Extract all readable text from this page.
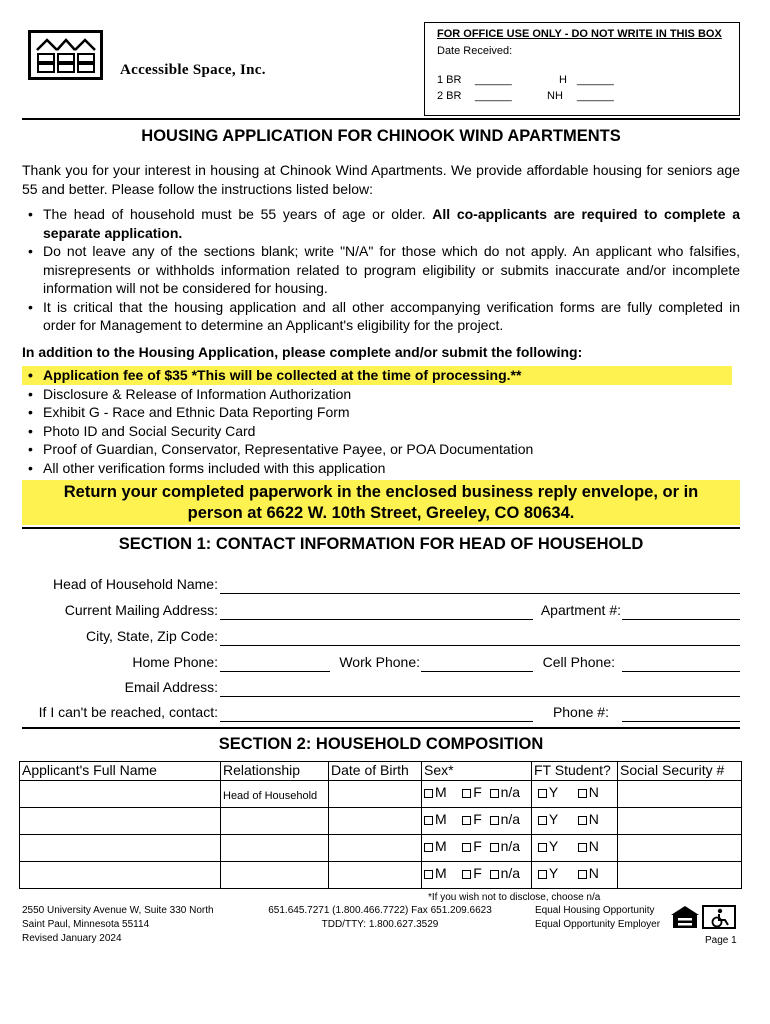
Accessible Space, Inc.
FOR OFFICE USE ONLY - DO NOT WRITE IN THIS BOX
Date Received:
1 BR	______	H ______
2 BR	______	NH	______
HOUSING APPLICATION FOR CHINOOK WIND APARTMENTS
Thank you for your interest in housing at Chinook Wind Apartments. We provide affordable housing for seniors age 55 and better. Please follow the instructions listed below:
• The head of household must be 55 years of age or older. All co-applicants are required to complete a separate application.
• Do not leave any of the sections blank; write "N/A" for those which do not apply. An applicant who falsifies, misrepresents or withholds information related to program eligibility or submits inaccurate and/or incomplete information will not be considered for housing.
• It is critical that the housing application and all other accompanying verification forms are fully completed in order for Management to determine an Applicant's eligibility for the project.
In addition to the Housing Application, please complete and/or submit the following:
• Application fee of $35 *This will be collected at the time of processing.**
• Disclosure & Release of Information Authorization
• Exhibit G - Race and Ethnic Data Reporting Form
• Photo ID and Social Security Card
• Proof of Guardian, Conservator, Representative Payee, or POA Documentation
• All other verification forms included with this application
Return your completed paperwork in the enclosed business reply envelope, or in
person at 6622 W. 10th Street, Greeley, CO 80634.
SECTION 1: CONTACT INFORMATION FOR HEAD OF HOUSEHOLD
Head of Household Name:
Current Mailing Address:	Apartment #:
City, State, Zip Code:
Home Phone:	Work Phone:	Cell Phone:
Email Address:
If I can't be reached, contact:	Phone #:
SECTION 2: HOUSEHOLD COMPOSITION
Applicant's Full Name	Relationship	Date of Birth	Sex*	FT Student?	Social Security #
	Head of Household		M F n/a	Y N	
			M F n/a	Y N	
			M F n/a	Y N	
			M F n/a	Y N	
*If you wish not to disclose, choose n/a
2550 University Avenue W, Suite 330 North
Saint Paul, Minnesota 55114
Revised January 2024
651.645.7271 (1.800.466.7722) Fax 651.209.6623
TDD/TTY: 1.800.627.3529
Equal Housing Opportunity
Equal Opportunity Employer
Page 1
